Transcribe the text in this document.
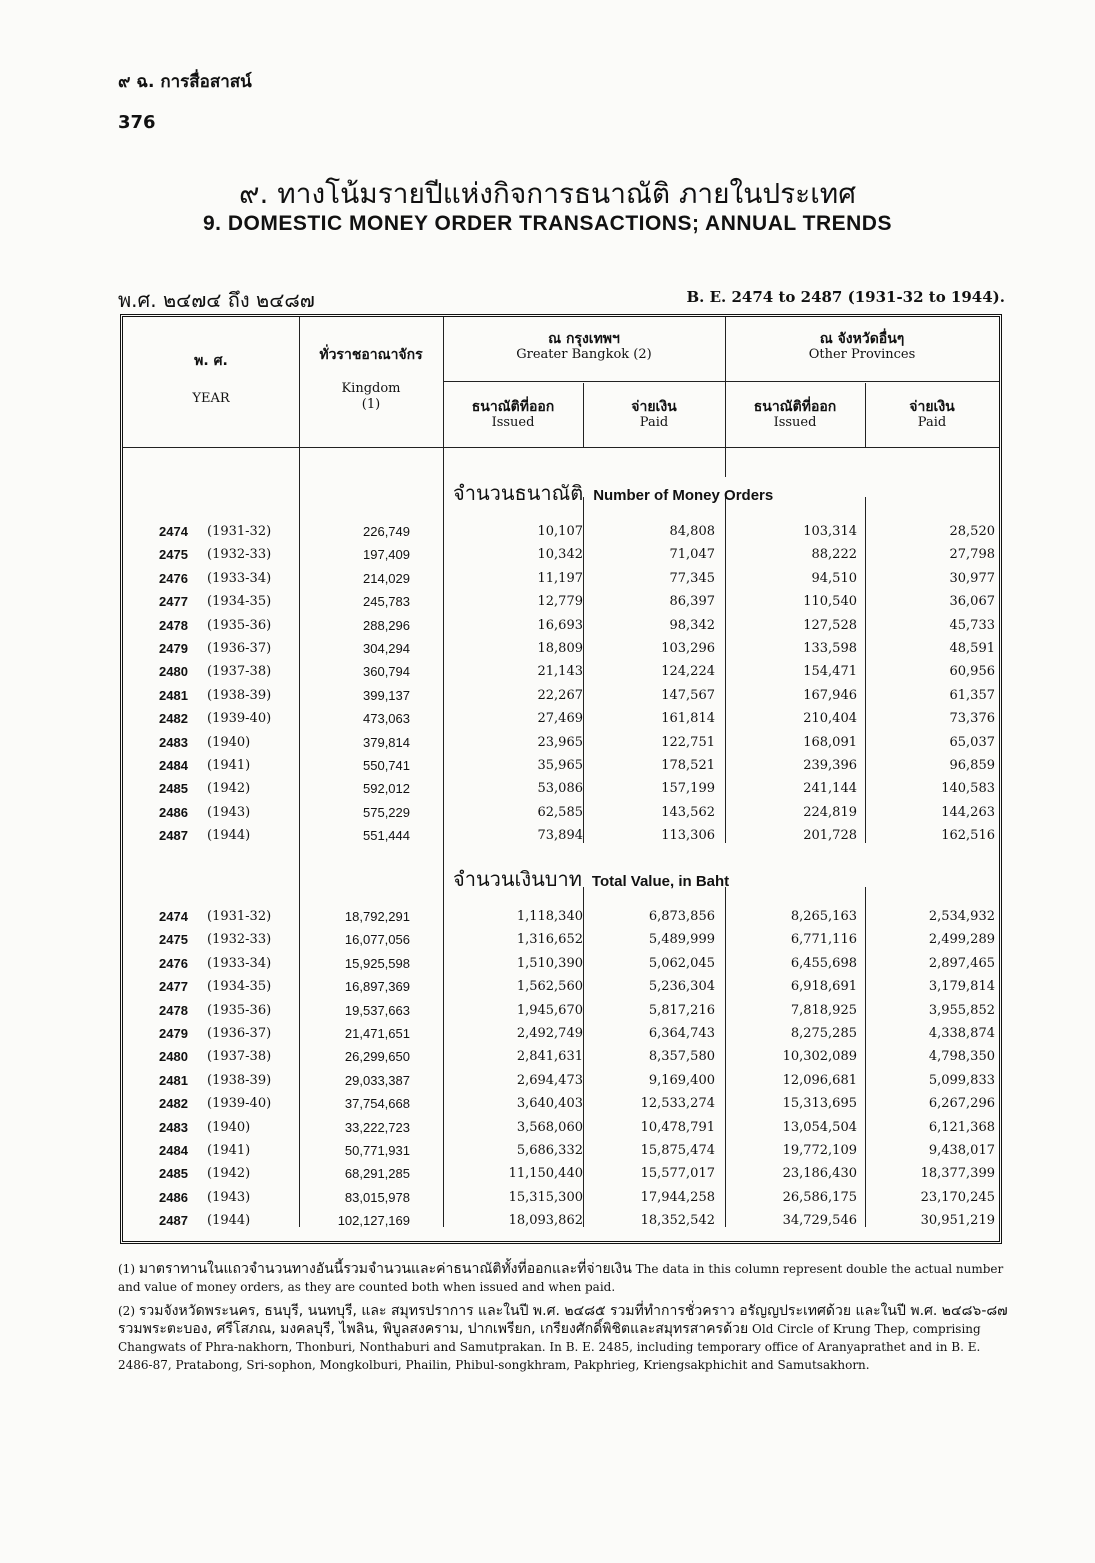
๙ ฉ. การสื่อสาสน์
376
๙. ทางโน้มรายปีแห่งกิจการธนาณัติ ภายในประเทศ
9. DOMESTIC MONEY ORDER TRANSACTIONS; ANNUAL TRENDS
พ.ศ. ๒๔๗๔ ถึง ๒๔๘๗	B. E. 2474 to 2487 (1931-32 to 1944).
พ. ศ.
YEAR
ทั่วราชอาณาจักร
Kingdom
(1)
ณ กรุงเทพฯ
Greater Bangkok (2)
ณ จังหวัดอื่นๆ
Other Provinces
ธนาณัติที่ออก
Issued
จ่ายเงิน
Paid
ธนาณัติที่ออก
Issued
จ่ายเงิน
Paid
จำนวนธนาณัติ Number of Money Orders
จำนวนเงินบาท Total Value, in Baht
2474 (1931-32)	226,749	10,107	84,808	103,314	28,520
2475 (1932-33)	197,409	10,342	71,047	88,222	27,798
2476 (1933-34)	214,029	11,197	77,345	94,510	30,977
2477 (1934-35)	245,783	12,779	86,397	110,540	36,067
2478 (1935-36)	288,296	16,693	98,342	127,528	45,733
2479 (1936-37)	304,294	18,809	103,296	133,598	48,591
2480 (1937-38)	360,794	21,143	124,224	154,471	60,956
2481 (1938-39)	399,137	22,267	147,567	167,946	61,357
2482 (1939-40)	473,063	27,469	161,814	210,404	73,376
2483 (1940)	379,814	23,965	122,751	168,091	65,037
2484 (1941)	550,741	35,965	178,521	239,396	96,859
2485 (1942)	592,012	53,086	157,199	241,144	140,583
2486 (1943)	575,229	62,585	143,562	224,819	144,263
2487 (1944)	551,444	73,894	113,306	201,728	162,516
2474 (1931-32)	18,792,291	1,118,340	6,873,856	8,265,163	2,534,932
2475 (1932-33)	16,077,056	1,316,652	5,489,999	6,771,116	2,499,289
2476 (1933-34)	15,925,598	1,510,390	5,062,045	6,455,698	2,897,465
2477 (1934-35)	16,897,369	1,562,560	5,236,304	6,918,691	3,179,814
2478 (1935-36)	19,537,663	1,945,670	5,817,216	7,818,925	3,955,852
2479 (1936-37)	21,471,651	2,492,749	6,364,743	8,275,285	4,338,874
2480 (1937-38)	26,299,650	2,841,631	8,357,580	10,302,089	4,798,350
2481 (1938-39)	29,033,387	2,694,473	9,169,400	12,096,681	5,099,833
2482 (1939-40)	37,754,668	3,640,403	12,533,274	15,313,695	6,267,296
2483 (1940)	33,222,723	3,568,060	10,478,791	13,054,504	6,121,368
2484 (1941)	50,771,931	5,686,332	15,875,474	19,772,109	9,438,017
2485 (1942)	68,291,285	11,150,440	15,577,017	23,186,430	18,377,399
2486 (1943)	83,015,978	15,315,300	17,944,258	26,586,175	23,170,245
2487 (1944)	102,127,169	18,093,862	18,352,542	34,729,546	30,951,219
(1) มาตราทานในแถวจำนวนทางอันนี้รวมจำนวนและค่าธนาณัติทั้งที่ออกและที่จ่ายเงิน The data in this column represent double the actual number and value of money orders, as they are counted both when issued and when paid.
(2) รวมจังหวัดพระนคร, ธนบุรี, นนทบุรี, และ สมุทรปราการ และในปี พ.ศ. ๒๔๘๕ รวมที่ทำการชั่วคราว อรัญญประเทศด้วย และในปี พ.ศ. ๒๔๘๖-๘๗ รวมพระตะบอง, ศรีโสภณ, มงคลบุรี, ไพลิน, พิบูลสงคราม, ปากเพรียก, เกรียงศักดิ์พิชิตและสมุทรสาครด้วย Old Circle of Krung Thep, comprising Changwats of Phra-nakhorn, Thonburi, Nonthaburi and Samutprakan. In B. E. 2485, including temporary office of Aranyaprathet and in B. E. 2486-87, Pratabong, Sri-sophon, Mongkolburi, Phailin, Phibul-songkhram, Pakphrieg, Kriengsakphichit and Samutsakhorn.
